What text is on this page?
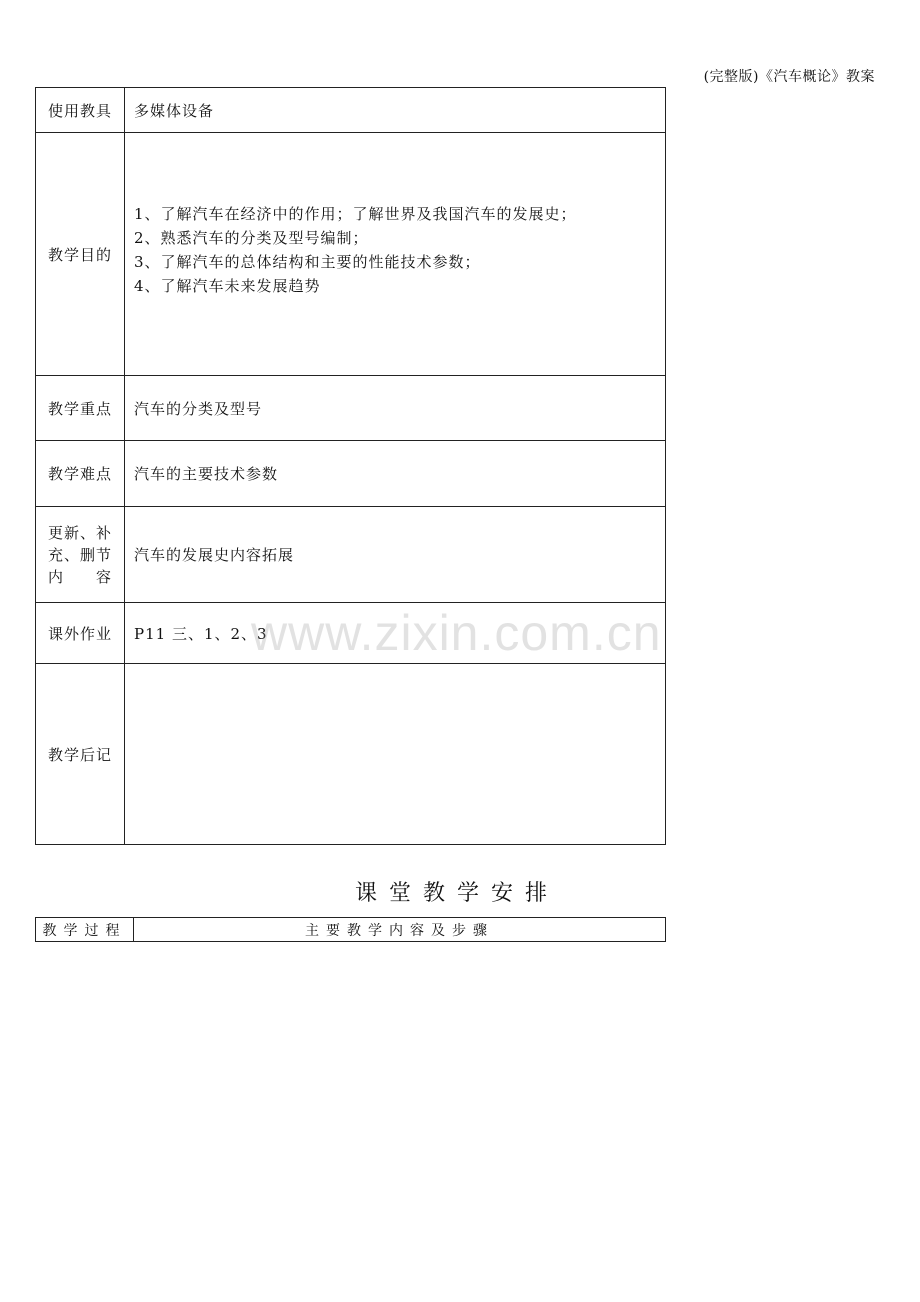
(完整版)《汽车概论》教案
使用教具	多媒体设备
教学目的	1、了解汽车在经济中的作用；了解世界及我国汽车的发展史；
2、熟悉汽车的分类及型号编制；
3、了解汽车的总体结构和主要的性能技术参数；
4、了解汽车未来发展趋势

教学重点	汽车的分类及型号
教学难点	汽车的主要技术参数

更新、补
充、删节
内　　容	汽车的发展史内容拓展
课外作业	P11 三、1、2、3
教学后记	
www.zixin.com.cn
课堂教学安排
教学过程	主要教学内容及步骤
